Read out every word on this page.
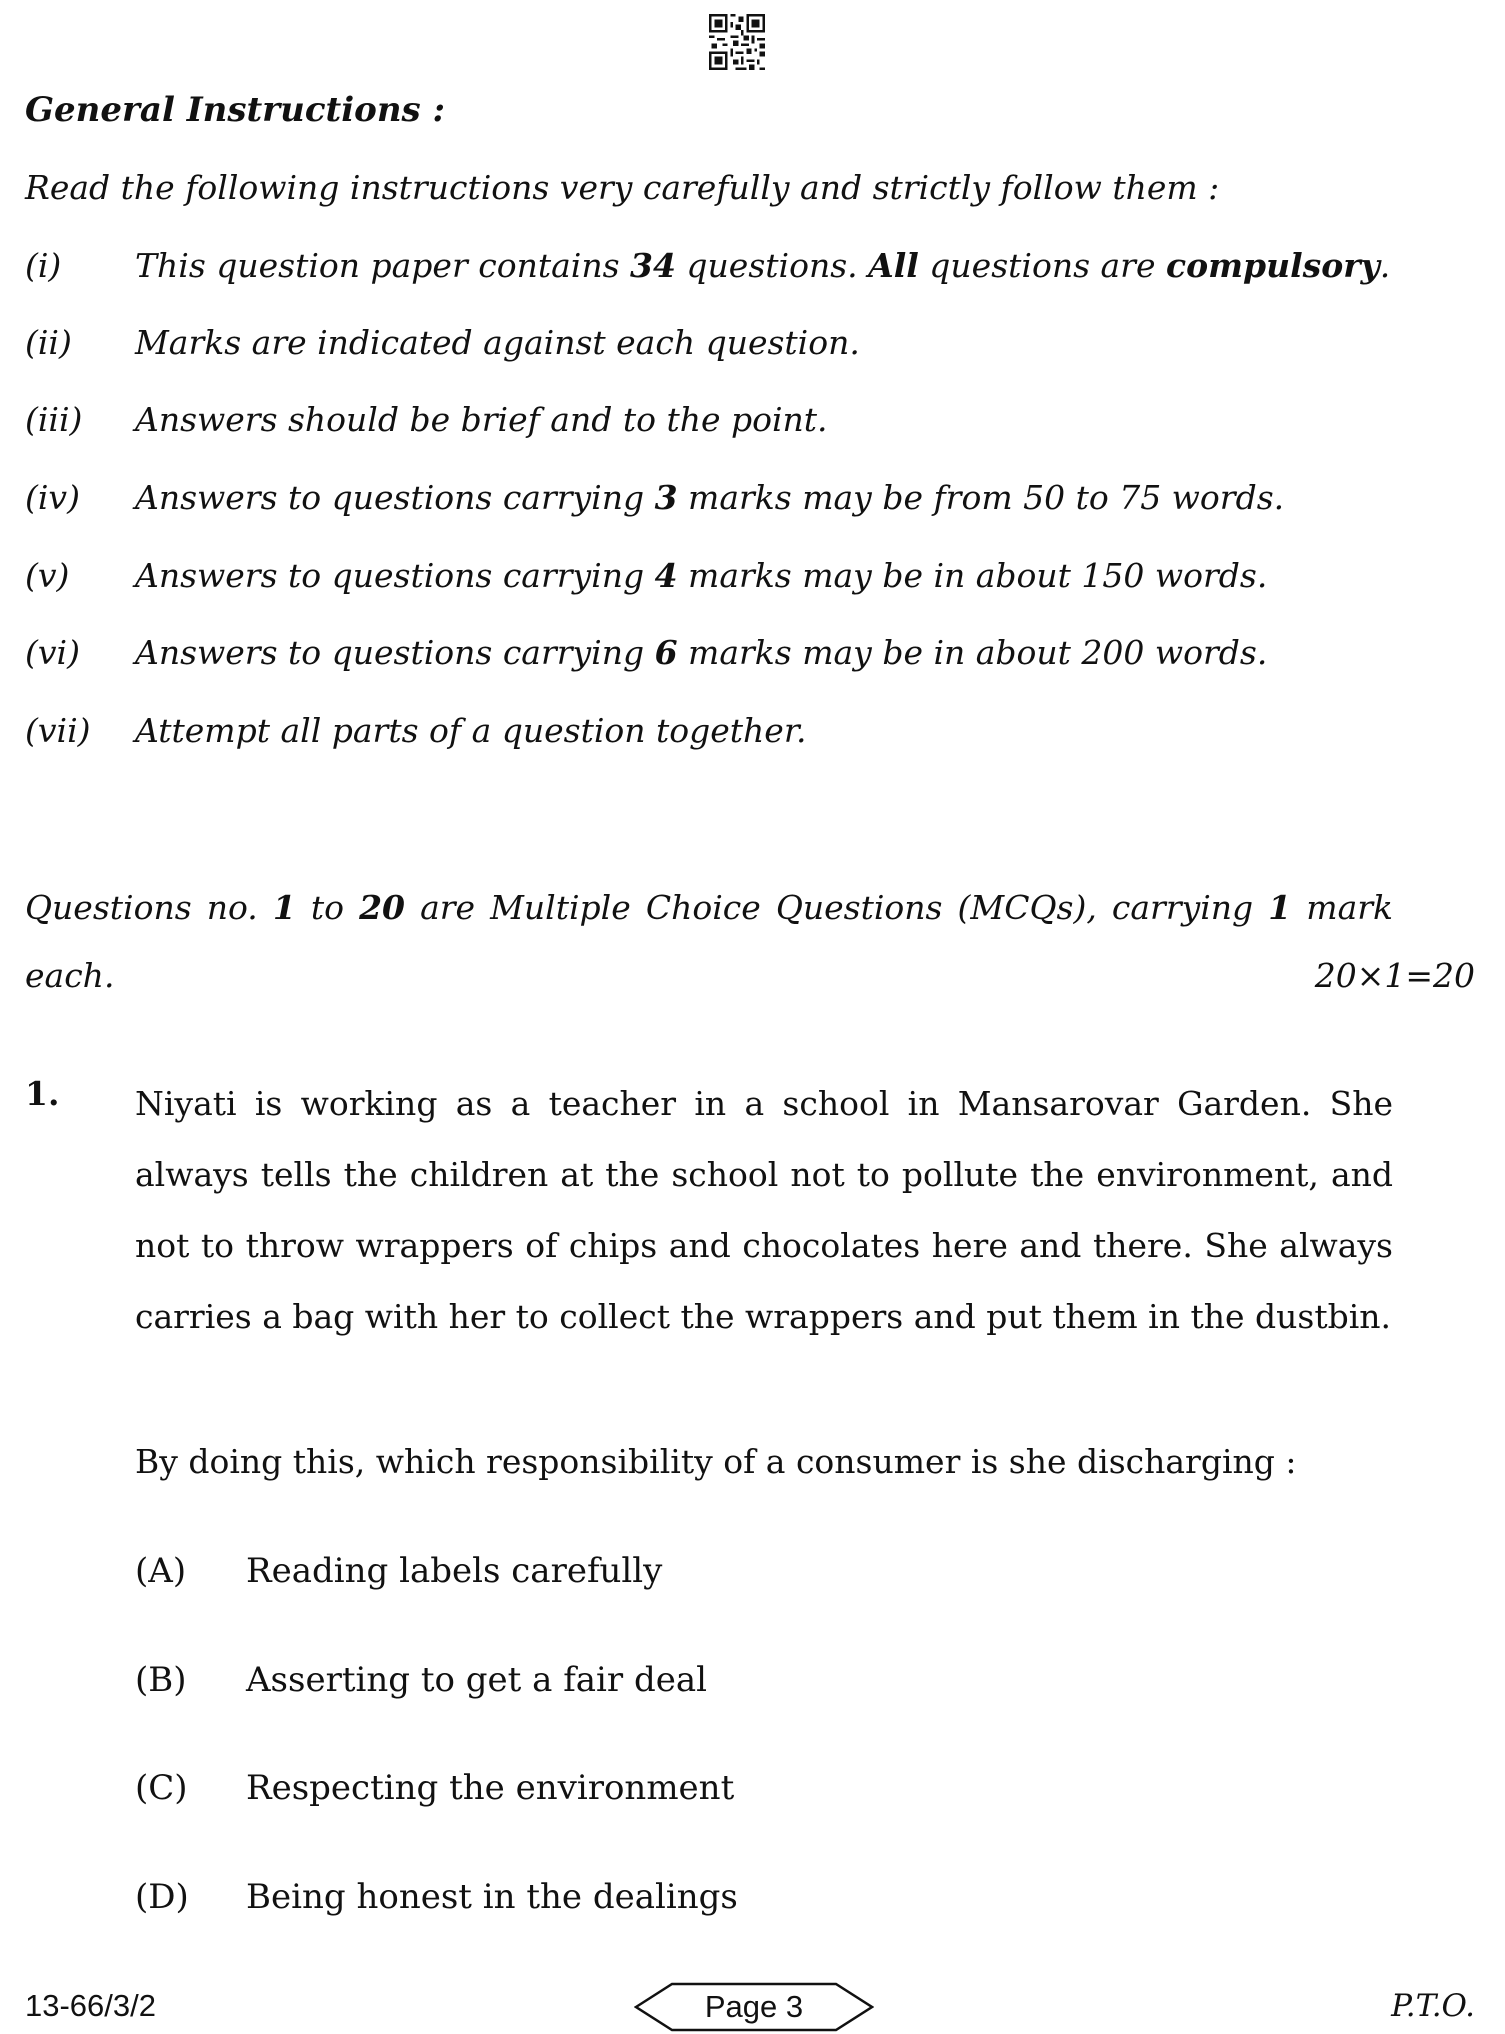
General Instructions :
Read the following instructions very carefully and strictly follow them :
(i) This question paper contains 34 questions. All questions are compulsory.
(ii) Marks are indicated against each question.
(iii) Answers should be brief and to the point.
(iv) Answers to questions carrying 3 marks may be from 50 to 75 words.
(v) Answers to questions carrying 4 marks may be in about 150 words.
(vi) Answers to questions carrying 6 marks may be in about 200 words.
(vii) Attempt all parts of a question together.
Questions no. 1 to 20 are Multiple Choice Questions (MCQs), carrying 1 mark
each.	20×1=20
1. Niyati is working as a teacher in a school in Mansarovar Garden. She always tells the children at the school not to pollute the environment, and not to throw wrappers of chips and chocolates here and there. She always carries a bag with her to collect the wrappers and put them in the dustbin.
By doing this, which responsibility of a consumer is she discharging :
(A) Reading labels carefully
(B) Asserting to get a fair deal
(C) Respecting the environment
(D) Being honest in the dealings
13-66/3/2	Page 3	P.T.O.
